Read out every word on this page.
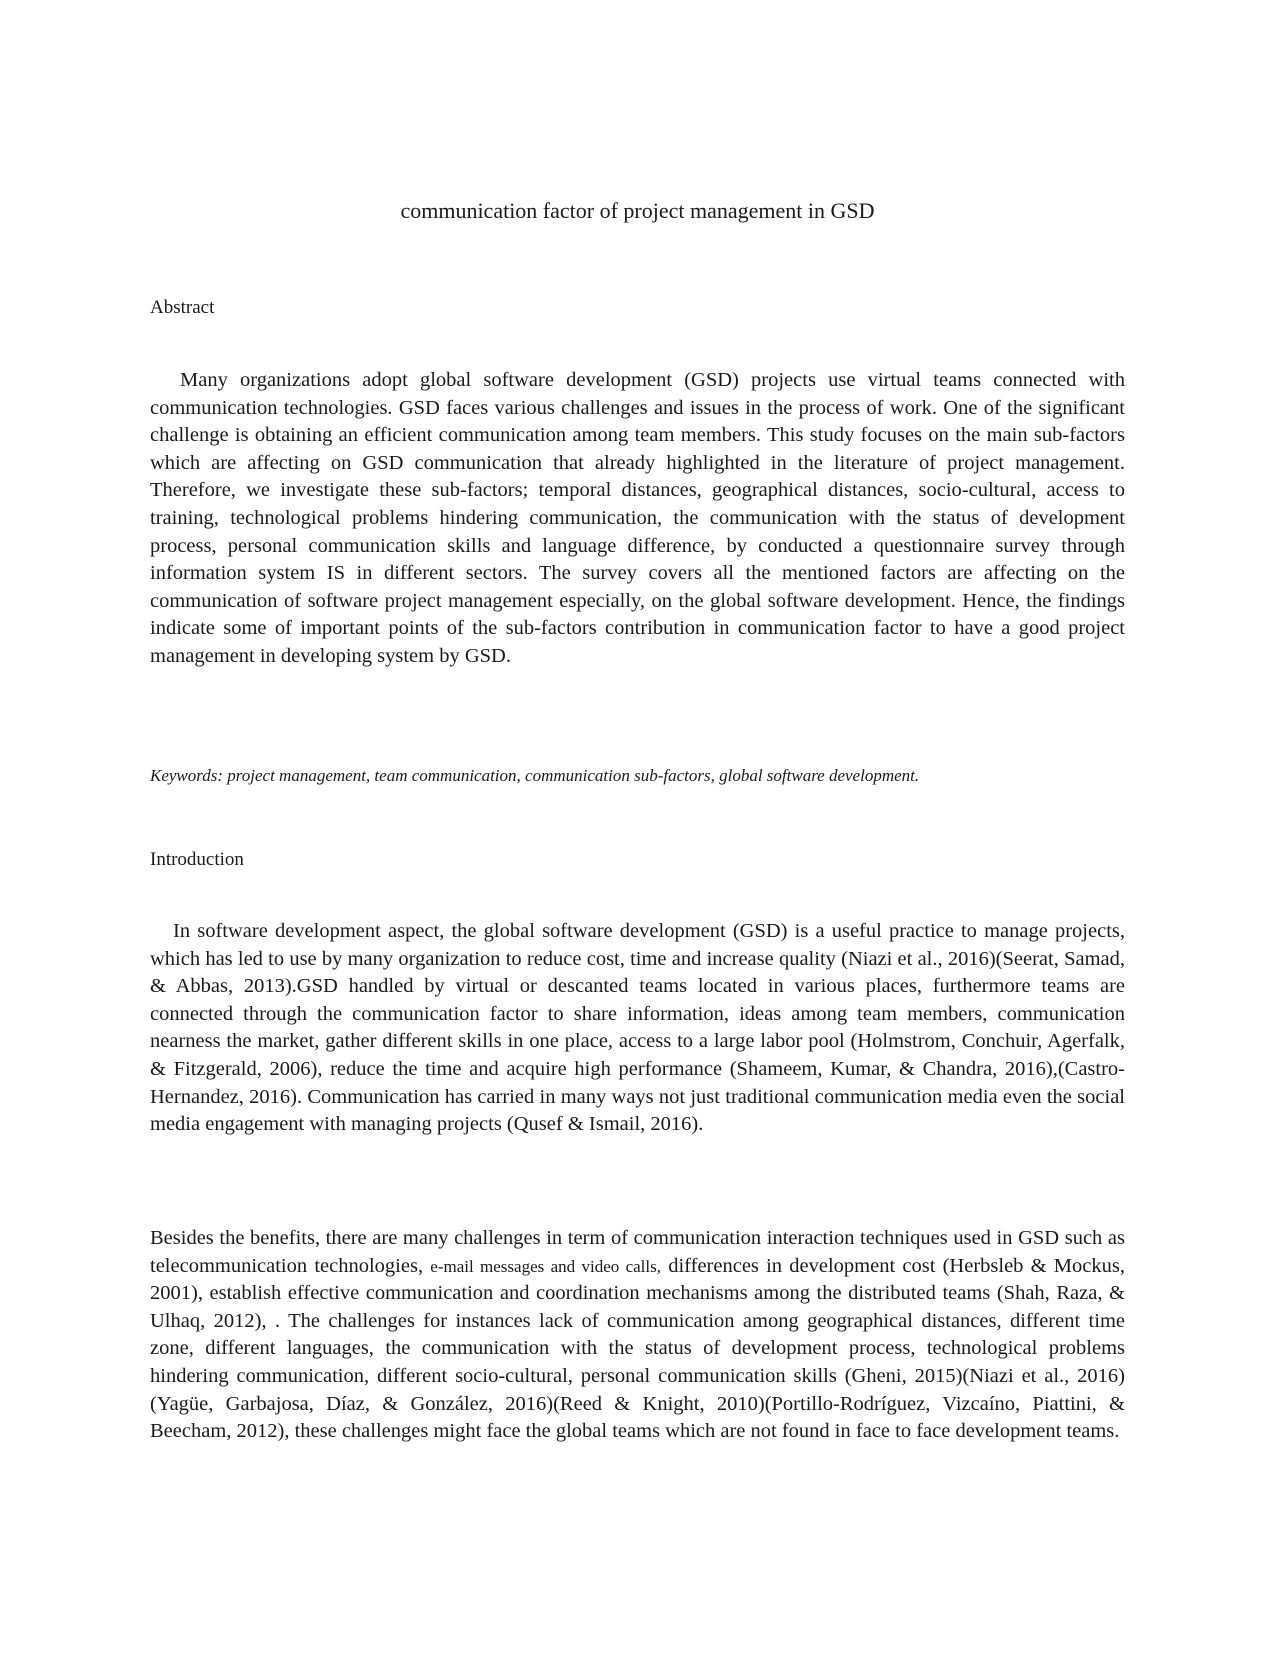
communication factor of project management in GSD
Abstract

Many organizations adopt global software development (GSD) projects use virtual teams connected with communication technologies. GSD faces various challenges and issues in the process of work. One of the significant challenge is obtaining an efficient communication among team members. This study focuses on the main sub-factors which are affecting on GSD communication that already highlighted in the literature of project management. Therefore, we investigate these sub-factors; temporal distances, geographical distances, socio-cultural, access to training, technological problems hindering communication, the communication with the status of development process, personal communication skills and language difference, by conducted a questionnaire survey through information system IS in different sectors. The survey covers all the mentioned factors are affecting on the communication of software project management especially, on the global software development. Hence, the findings indicate some of important points of the sub-factors contribution in communication factor to have a good project management in developing system by GSD.

Keywords: project management, team communication, communication sub-factors, global software development.

Introduction

In software development aspect, the global software development (GSD) is a useful practice to manage projects, which has led to use by many organization to reduce cost, time and increase quality (Niazi et al., 2016)(Seerat, Samad, & Abbas, 2013).GSD handled by virtual or descanted teams located in various places, furthermore teams are connected through the communication factor to share information, ideas among team members, communication nearness the market, gather different skills in one place, access to a large labor pool (Holmstrom, Conchuir, Agerfalk, & Fitzgerald, 2006), reduce the time and acquire high performance (Shameem, Kumar, & Chandra, 2016),(Castro-Hernandez, 2016). Communication has carried in many ways not just traditional communication media even the social media engagement with managing projects (Qusef & Ismail, 2016).

Besides the benefits, there are many challenges in term of communication interaction techniques used in GSD such as telecommunication technologies, e-mail messages and video calls, differences in development cost (Herbsleb & Mockus, 2001), establish effective communication and coordination mechanisms among the distributed teams (Shah, Raza, & Ulhaq, 2012), . The challenges for instances lack of communication among geographical distances, different time zone, different languages, the communication with the status of development process, technological problems hindering communication, different socio-cultural, personal communication skills (Gheni, 2015)(Niazi et al., 2016)(Yagüe, Garbajosa, Díaz, & González, 2016)(Reed & Knight, 2010)(Portillo-Rodríguez, Vizcaíno, Piattini, & Beecham, 2012), these challenges might face the global teams which are not found in face to face development teams.
